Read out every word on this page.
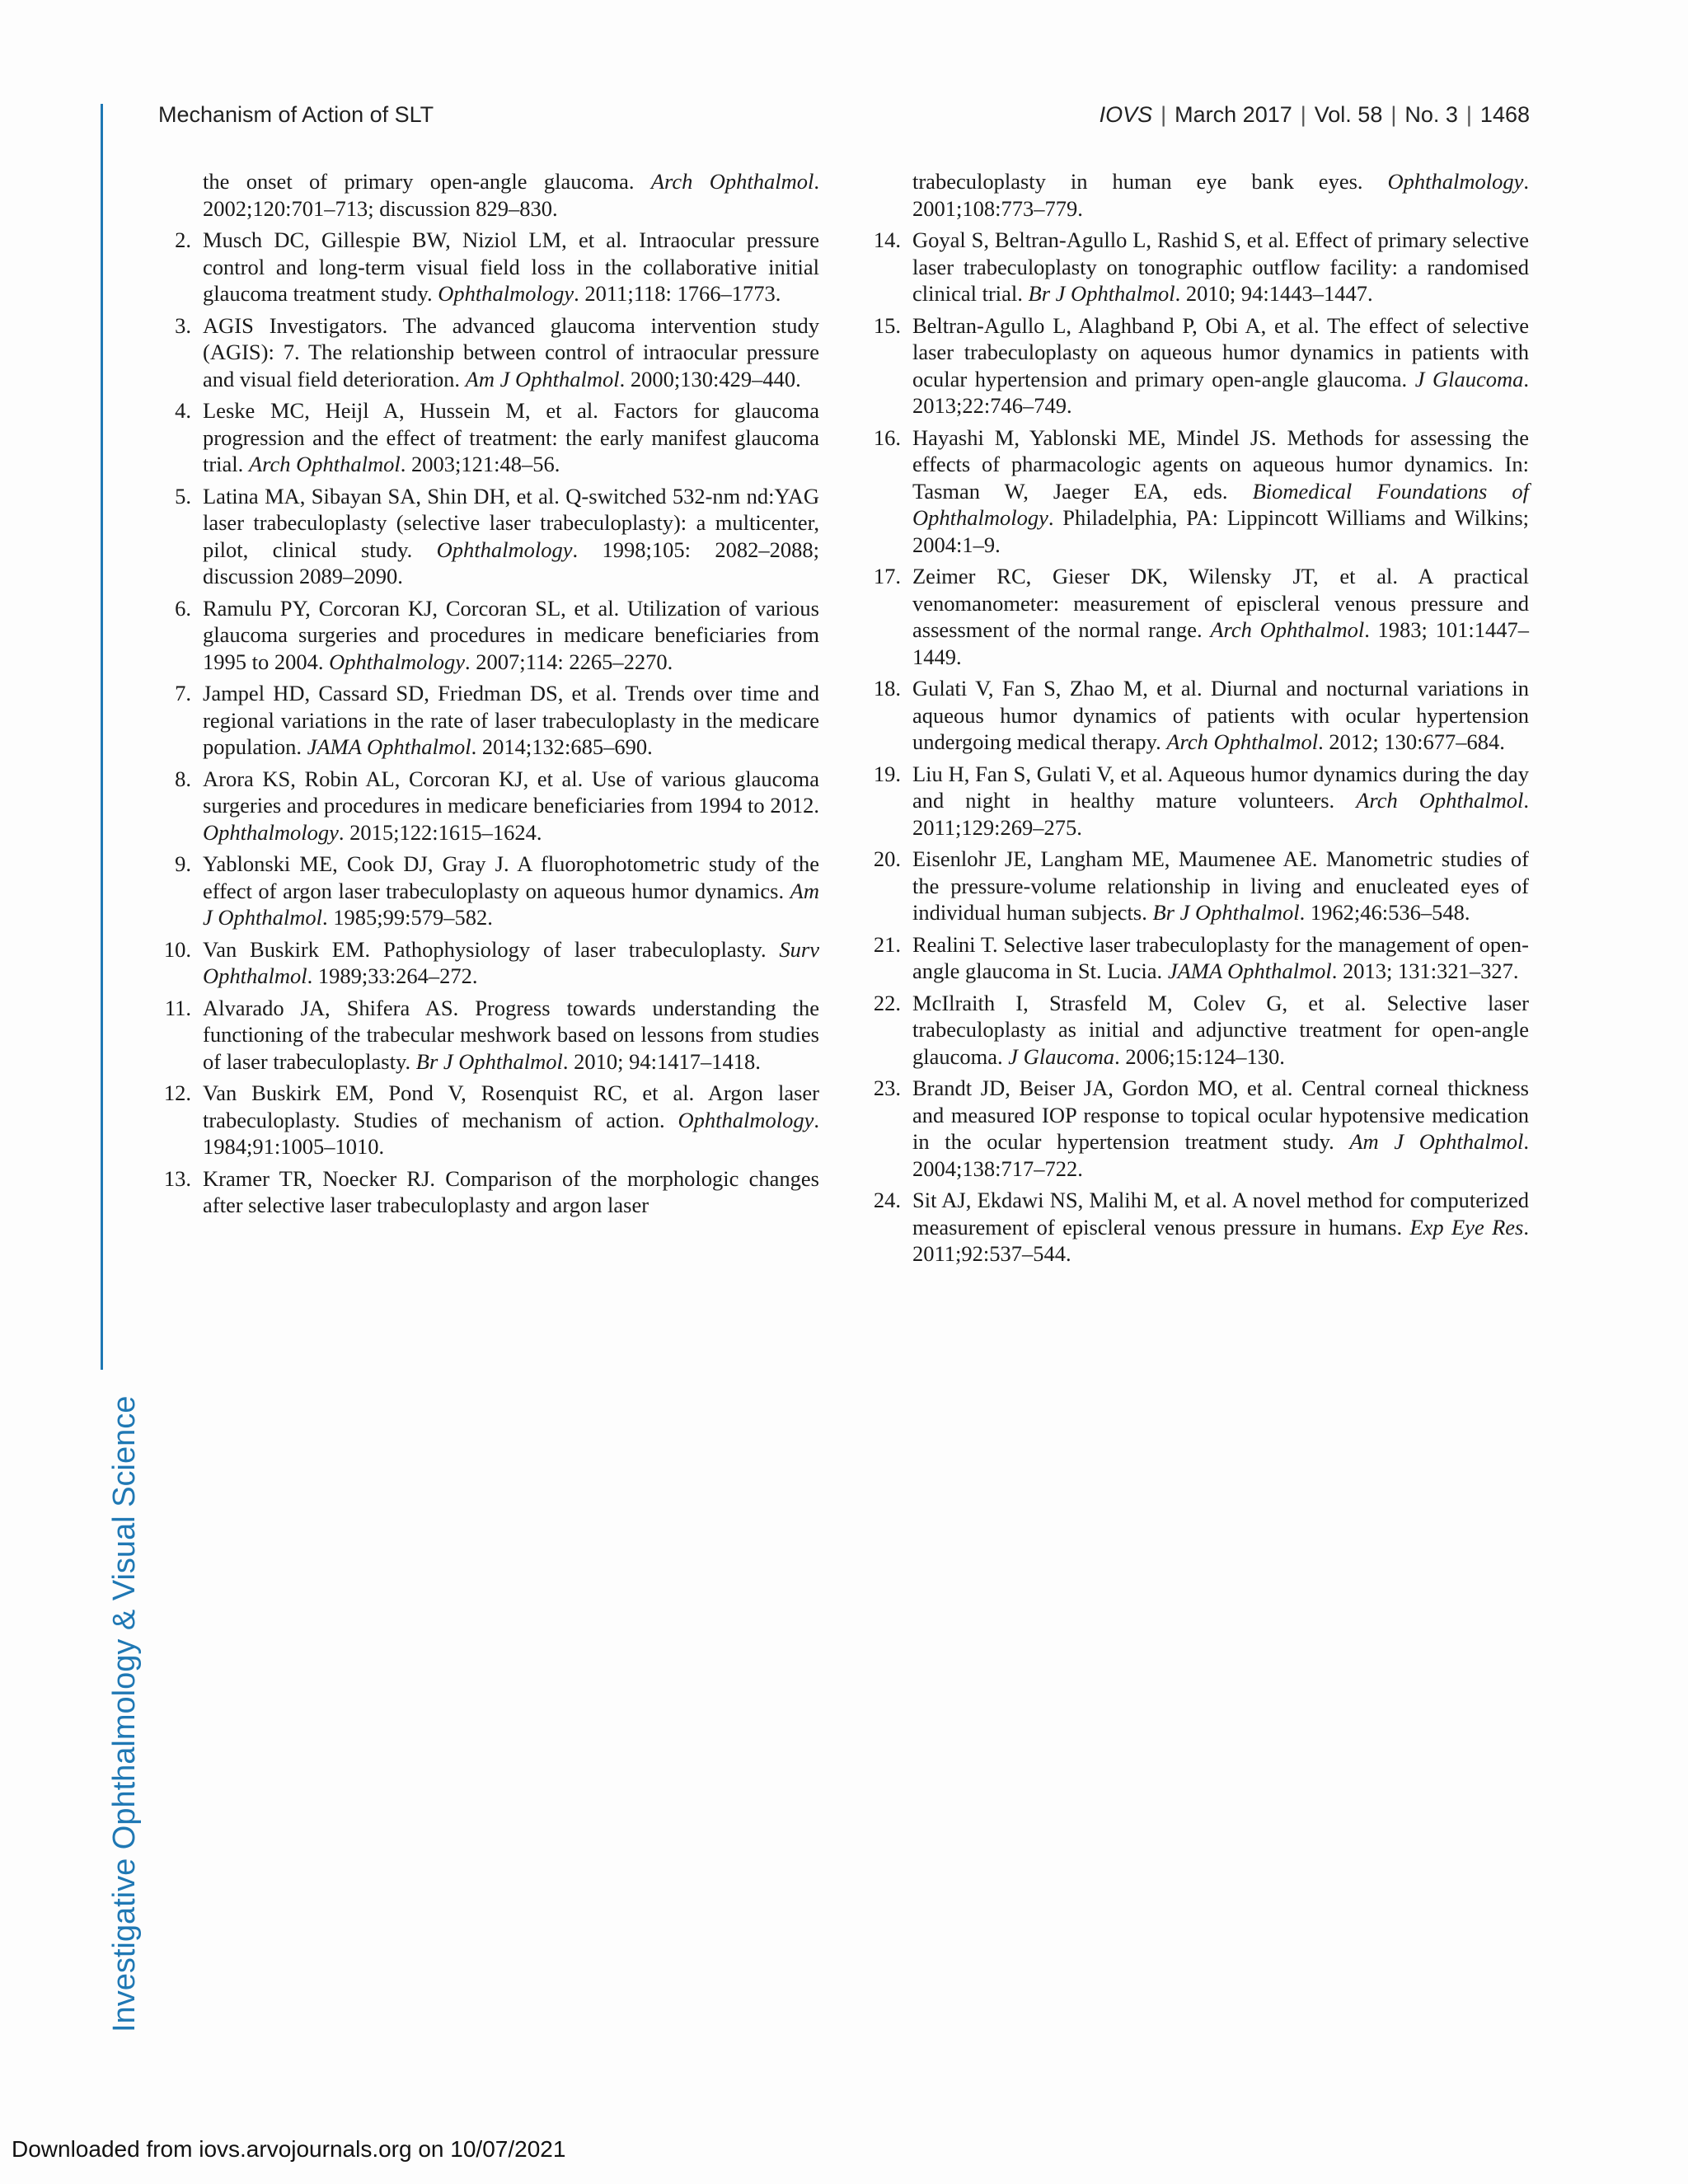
Investigative Ophthalmology & Visual Science
Mechanism of Action of SLT	IOVS | March 2017 | Vol. 58 | No. 3 | 1468
the onset of primary open-angle glaucoma. Arch Ophthalmol. 2002;120:701–713; discussion 829–830.
2. Musch DC, Gillespie BW, Niziol LM, et al. Intraocular pressure control and long-term visual field loss in the collaborative initial glaucoma treatment study. Ophthalmology. 2011;118: 1766–1773.
3. AGIS Investigators. The advanced glaucoma intervention study (AGIS): 7. The relationship between control of intraocular pressure and visual field deterioration. Am J Ophthalmol. 2000;130:429–440.
4. Leske MC, Heijl A, Hussein M, et al. Factors for glaucoma progression and the effect of treatment: the early manifest glaucoma trial. Arch Ophthalmol. 2003;121:48–56.
5. Latina MA, Sibayan SA, Shin DH, et al. Q-switched 532-nm nd:YAG laser trabeculoplasty (selective laser trabeculoplasty): a multicenter, pilot, clinical study. Ophthalmology. 1998;105: 2082–2088; discussion 2089–2090.
6. Ramulu PY, Corcoran KJ, Corcoran SL, et al. Utilization of various glaucoma surgeries and procedures in medicare beneficiaries from 1995 to 2004. Ophthalmology. 2007;114: 2265–2270.
7. Jampel HD, Cassard SD, Friedman DS, et al. Trends over time and regional variations in the rate of laser trabeculoplasty in the medicare population. JAMA Ophthalmol. 2014;132:685–690.
8. Arora KS, Robin AL, Corcoran KJ, et al. Use of various glaucoma surgeries and procedures in medicare beneficiaries from 1994 to 2012. Ophthalmology. 2015;122:1615–1624.
9. Yablonski ME, Cook DJ, Gray J. A fluorophotometric study of the effect of argon laser trabeculoplasty on aqueous humor dynamics. Am J Ophthalmol. 1985;99:579–582.
10. Van Buskirk EM. Pathophysiology of laser trabeculoplasty. Surv Ophthalmol. 1989;33:264–272.
11. Alvarado JA, Shifera AS. Progress towards understanding the functioning of the trabecular meshwork based on lessons from studies of laser trabeculoplasty. Br J Ophthalmol. 2010; 94:1417–1418.
12. Van Buskirk EM, Pond V, Rosenquist RC, et al. Argon laser trabeculoplasty. Studies of mechanism of action. Ophthalmology. 1984;91:1005–1010.
13. Kramer TR, Noecker RJ. Comparison of the morphologic changes after selective laser trabeculoplasty and argon laser
trabeculoplasty in human eye bank eyes. Ophthalmology. 2001;108:773–779.
14. Goyal S, Beltran-Agullo L, Rashid S, et al. Effect of primary selective laser trabeculoplasty on tonographic outflow facility: a randomised clinical trial. Br J Ophthalmol. 2010; 94:1443–1447.
15. Beltran-Agullo L, Alaghband P, Obi A, et al. The effect of selective laser trabeculoplasty on aqueous humor dynamics in patients with ocular hypertension and primary open-angle glaucoma. J Glaucoma. 2013;22:746–749.
16. Hayashi M, Yablonski ME, Mindel JS. Methods for assessing the effects of pharmacologic agents on aqueous humor dynamics. In: Tasman W, Jaeger EA, eds. Biomedical Foundations of Ophthalmology. Philadelphia, PA: Lippincott Williams and Wilkins; 2004:1–9.
17. Zeimer RC, Gieser DK, Wilensky JT, et al. A practical venomanometer: measurement of episcleral venous pressure and assessment of the normal range. Arch Ophthalmol. 1983; 101:1447–1449.
18. Gulati V, Fan S, Zhao M, et al. Diurnal and nocturnal variations in aqueous humor dynamics of patients with ocular hypertension undergoing medical therapy. Arch Ophthalmol. 2012; 130:677–684.
19. Liu H, Fan S, Gulati V, et al. Aqueous humor dynamics during the day and night in healthy mature volunteers. Arch Ophthalmol. 2011;129:269–275.
20. Eisenlohr JE, Langham ME, Maumenee AE. Manometric studies of the pressure-volume relationship in living and enucleated eyes of individual human subjects. Br J Ophthalmol. 1962;46:536–548.
21. Realini T. Selective laser trabeculoplasty for the management of open-angle glaucoma in St. Lucia. JAMA Ophthalmol. 2013; 131:321–327.
22. McIlraith I, Strasfeld M, Colev G, et al. Selective laser trabeculoplasty as initial and adjunctive treatment for open-angle glaucoma. J Glaucoma. 2006;15:124–130.
23. Brandt JD, Beiser JA, Gordon MO, et al. Central corneal thickness and measured IOP response to topical ocular hypotensive medication in the ocular hypertension treatment study. Am J Ophthalmol. 2004;138:717–722.
24. Sit AJ, Ekdawi NS, Malihi M, et al. A novel method for computerized measurement of episcleral venous pressure in humans. Exp Eye Res. 2011;92:537–544.
Downloaded from iovs.arvojournals.org on 10/07/2021
